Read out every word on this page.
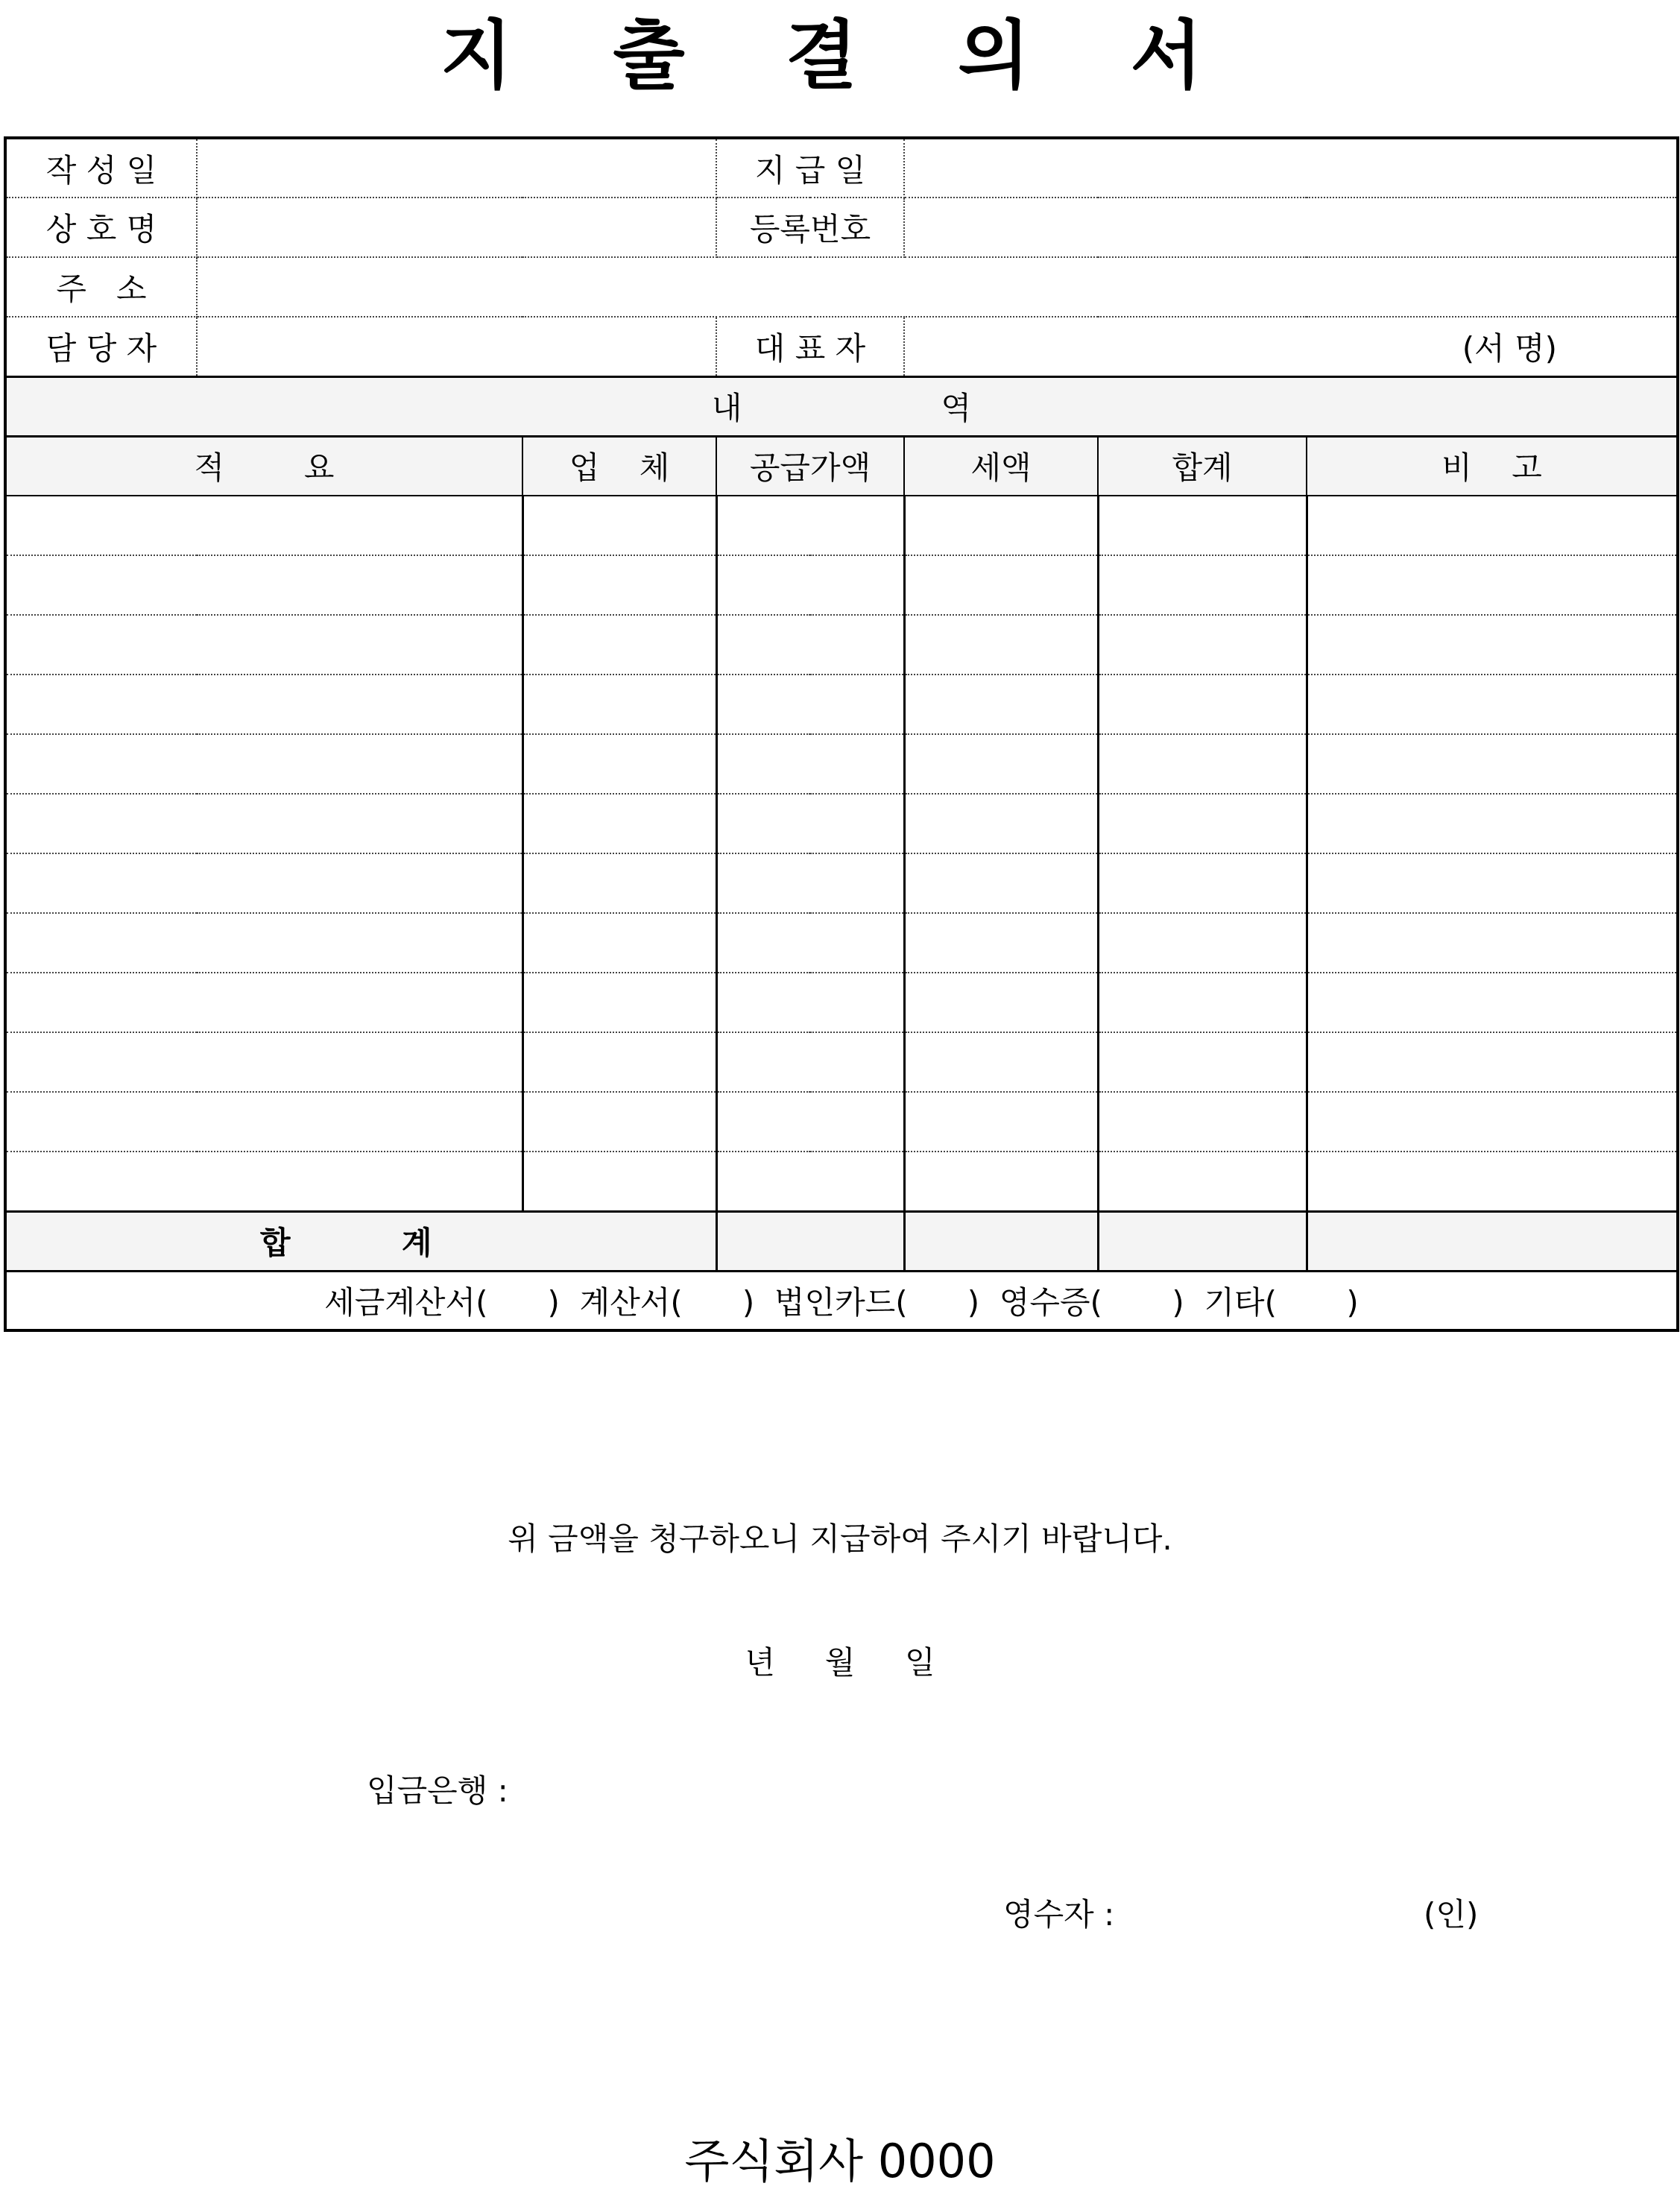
지 출 결 의 서
작 성 일			지 급 일			
상 호 명			등록번호			
주   소						
담 당 자			대 표 자	(서 명)		
내                    역						
적        요		업    체	공급가액	세액	합계	비    고

합  계						
세금계산서(      )  계산서(      )  법인카드(      )  영수증(       )  기타(       )						
위 금액을 청구하오니 지급하여 주시기 바랍니다.
년     월     일
입금은행 :
영수자 :	(인)
주식회사 0000
